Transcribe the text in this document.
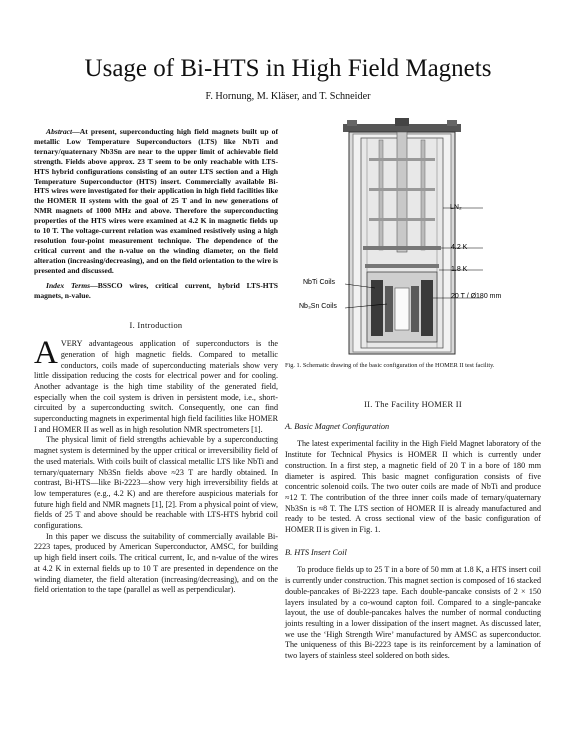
Usage of Bi-HTS in High Field Magnets
F. Hornung, M. Kläser, and T. Schneider

Abstract—At present, superconducting high field magnets built up of metallic Low Temperature Superconductors (LTS) like NbTi and ternary/quaternary Nb3Sn are near to the upper limit of achievable field strength. Fields above approx. 23 T seem to be only reachable with LTS-HTS hybrid configurations consisting of an outer LTS section and a High Temperature Superconductor (HTS) insert. Commercially available Bi-HTS wires were investigated for their application in high field facilities like the HOMER II system with the goal of 25 T and in new generations of NMR magnets of 1000 MHz and above. Therefore the superconducting properties of the HTS wires were examined at 4.2 K in magnetic fields up to 10 T. The voltage-current relation was examined resistively using a high resolution four-point measurement technique. The dependence of the critical current and the n-value on the winding diameter, on the field alteration (increasing/decreasing), and on the field orientation to the wire is presented and discussed.

Index Terms—BSSCO wires, critical current, hybrid LTS-HTS magnets, n-value.

I. Introduction

AVERY advantageous application of superconductors is the generation of high magnetic fields. Compared to metallic conductors, coils made of superconducting materials show very little dissipation reducing the costs for electrical power and for cooling. Another advantage is the high time stability of the generated field, especially when the coil system is driven in persistent mode, i.e., short-circuited by a superconducting switch. Consequently, one can find superconducting magnets in experimental high field facilities like HOMER I and HOMER II as well as in high resolution NMR spectrometers [1].

The physical limit of field strengths achievable by a superconducting magnet system is determined by the upper critical or irreversibility field of the used materials. With coils built of classical metallic LTS like NbTi and ternary/quaternary Nb3Sn fields above ≈23 T are hardly obtained. In contrast, Bi-HTS—like Bi-2223—show very high irreversibility fields at low temperatures (e.g., 4.2 K) and are therefore auspicious materials for future high field and NMR magnets [1], [2]. From a physical point of view, fields of 25 T and above should be reachable with LTS-HTS hybrid coil configurations.

In this paper we discuss the suitability of commercially available Bi-2223 tapes, produced by American Superconductor, AMSC, for building up high field insert coils. The critical current, Ic, and n-value of the wires at 4.2 K in external fields up to 10 T are presented in dependence on the winding diameter, the field alteration (increasing/decreasing), and on the field orientation to the tape (parallel as well as perpendicular).

LN₂
4.2 K
1.8 K
NbTi Coils
20 T / Ø180 mm
Nb₃Sn Coils

Fig. 1. Schematic drawing of the basic configuration of the HOMER II test facility.

II. The Facility HOMER II
A. Basic Magnet Configuration

The latest experimental facility in the High Field Magnet laboratory of the Institute for Technical Physics is HOMER II which is currently under construction. In a first step, a magnetic field of 20 T in a bore of 180 mm diameter is aspired. This basic magnet configuration consists of five concentric solenoid coils. The two outer coils are made of NbTi and produce ≈12 T. The contribution of the three inner coils made of ternary/quaternary Nb3Sn is ≈8 T. The LTS section of HOMER II is already manufactured and ready to be tested. A cross sectional view of the basic configuration of HOMER II is given in Fig. 1.

B. HTS Insert Coil

To produce fields up to 25 T in a bore of 50 mm at 1.8 K, a HTS insert coil is currently under construction. This magnet section is composed of 16 stacked double-pancakes of Bi-2223 tape. Each double-pancake consists of 2 × 150 layers insulated by a co-wound capton foil. Compared to a single-pancake layout, the use of double-pancakes halves the number of normal conducting joints resulting in a lower dissipation of the insert magnet. As discussed later, we use the ‘High Strength Wire’ manufactured by AMSC as superconductor. The uniqueness of this Bi-2223 tape is its reinforcement by a lamination of two layers of stainless steel soldered on both sides.
